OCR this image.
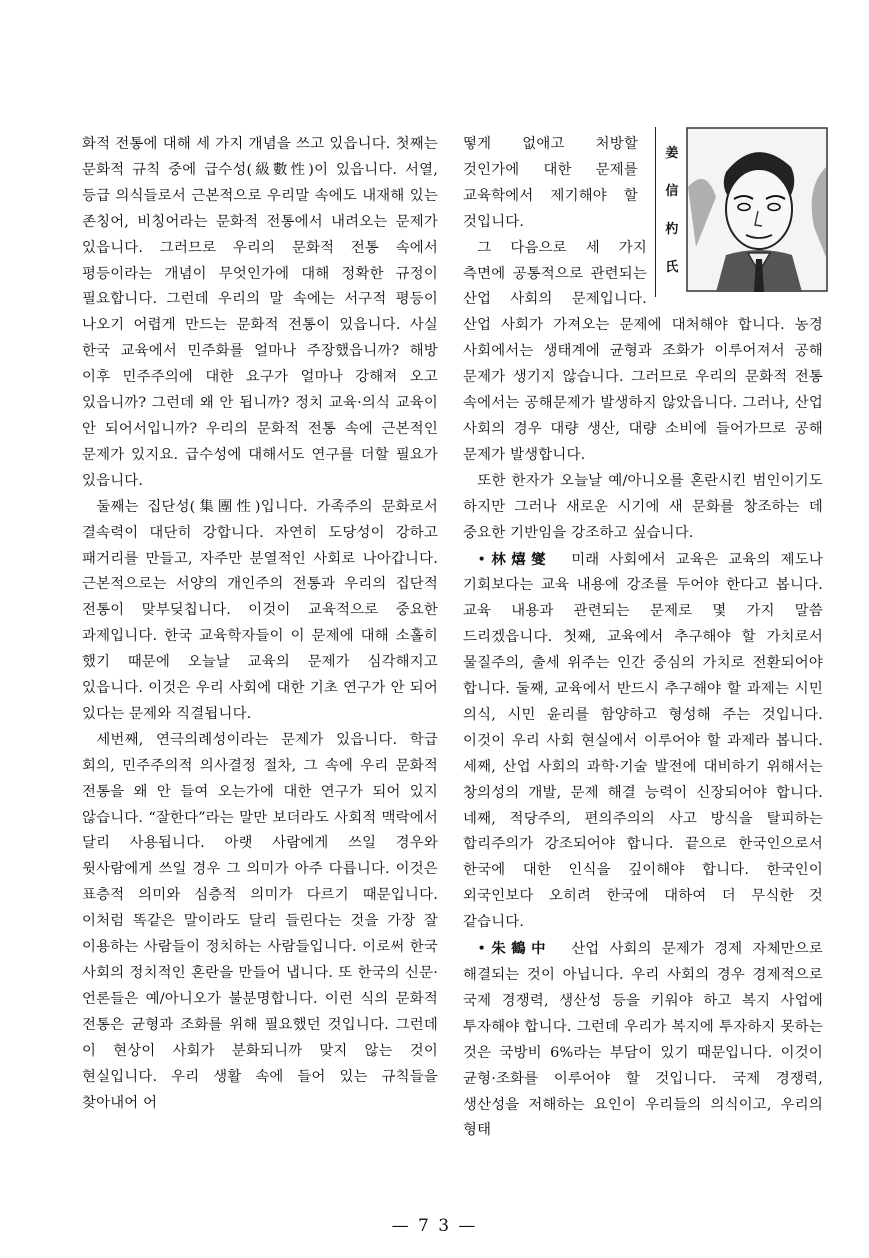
화적 전통에 대해 세 가지 개념을 쓰고 있읍니다. 첫째는 문화적 규칙 중에 급수성(級數性)이 있읍니다. 서열, 등급 의식들로서 근본적으로 우리말 속에도 내재해 있는 존칭어, 비칭어라는 문화적 전통에서 내려오는 문제가 있읍니다. 그러므로 우리의 문화적 전통 속에서 평등이라는 개념이 무엇인가에 대해 정확한 규정이 필요합니다. 그런데 우리의 말 속에는 서구적 평등이 나오기 어렵게 만드는 문화적 전통이 있읍니다. 사실 한국 교육에서 민주화를 얼마나 주장했읍니까? 해방 이후 민주주의에 대한 요구가 얼마나 강해져 오고 있읍니까? 그런데 왜 안 됩니까? 정치 교육·의식 교육이 안 되어서입니까? 우리의 문화적 전통 속에 근본적인 문제가 있지요. 급수성에 대해서도 연구를 더할 필요가 있읍니다.

둘째는 집단성(集團性)입니다. 가족주의 문화로서 결속력이 대단히 강합니다. 자연히 도당성이 강하고 패거리를 만들고, 자주만 분열적인 사회로 나아갑니다. 근본적으로는 서양의 개인주의 전통과 우리의 집단적 전통이 맞부딪칩니다. 이것이 교육적으로 중요한 과제입니다. 한국 교육학자들이 이 문제에 대해 소홀히 했기 때문에 오늘날 교육의 문제가 심각해지고 있읍니다. 이것은 우리 사회에 대한 기초 연구가 안 되어 있다는 문제와 직결됩니다.

세번째, 연극의례성이라는 문제가 있읍니다. 학급 회의, 민주주의적 의사결정 절차, 그 속에 우리 문화적 전통을 왜 안 들여 오는가에 대한 연구가 되어 있지 않습니다. “잘한다”라는 말만 보더라도 사회적 맥락에서 달리 사용됩니다. 아랫 사람에게 쓰일 경우와 윗사람에게 쓰일 경우 그 의미가 아주 다릅니다. 이것은 표층적 의미와 심층적 의미가 다르기 때문입니다. 이처럼 똑같은 말이라도 달리 들린다는 것을 가장 잘 이용하는 사람들이 정치하는 사람들입니다. 이로써 한국 사회의 정치적인 혼란을 만들어 냅니다. 또 한국의 신문·언론들은 예/아니오가 불분명합니다. 이런 식의 문화적 전통은 균형과 조화를 위해 필요했던 것입니다. 그런데 이 현상이 사회가 분화되니까 맞지 않는 것이 현실입니다. 우리 생활 속에 들어 있는 규칙들을 찾아내어 어

姜
信
杓
氏

떻게 없애고 처방할 것인가에 대한 문제를 교육학에서 제기해야 할 것입니다.

그 다음으로 세 가지 측면에 공통적으로 관련되는 산업 사회의 문제입니다. 산업 사회가 가져오는 문제에 대처해야 합니다. 농경 사회에서는 생태계에 균형과 조화가 이루어져서 공해 문제가 생기지 않습니다. 그러므로 우리의 문화적 전통 속에서는 공해문제가 발생하지 않았읍니다. 그러나, 산업 사회의 경우 대량 생산, 대량 소비에 들어가므로 공해 문제가 발생합니다.

또한 한자가 오늘날 예/아니오를 혼란시킨 범인이기도 하지만 그러나 새로운 시기에 새 문화를 창조하는 데 중요한 기반임을 강조하고 싶습니다.

•林熺燮 미래 사회에서 교육은 교육의 제도나 기회보다는 교육 내용에 강조를 두어야 한다고 봅니다. 교육 내용과 관련되는 문제로 몇 가지 말씀 드리겠읍니다. 첫째, 교육에서 추구해야 할 가치로서 물질주의, 출세 위주는 인간 중심의 가치로 전환되어야 합니다. 둘째, 교육에서 반드시 추구해야 할 과제는 시민 의식, 시민 윤리를 함양하고 형성해 주는 것입니다. 이것이 우리 사회 현실에서 이루어야 할 과제라 봅니다. 세째, 산업 사회의 과학·기술 발전에 대비하기 위해서는 창의성의 개발, 문제 해결 능력이 신장되어야 합니다. 네째, 적당주의, 편의주의의 사고 방식을 탈피하는 합리주의가 강조되어야 합니다. 끝으로 한국인으로서 한국에 대한 인식을 깊이해야 합니다. 한국인이 외국인보다 오히려 한국에 대하여 더 무식한 것 같습니다.

•朱鶴中 산업 사회의 문제가 경제 자체만으로 해결되는 것이 아닙니다. 우리 사회의 경우 경제적으로 국제 경쟁력, 생산성 등을 키워야 하고 복지 사업에 투자해야 합니다. 그런데 우리가 복지에 투자하지 못하는 것은 국방비 6%라는 부담이 있기 때문입니다. 이것이 균형·조화를 이루어야 할 것입니다. 국제 경쟁력, 생산성을 저해하는 요인이 우리들의 의식이고, 우리의 형태

— 7 3 —
